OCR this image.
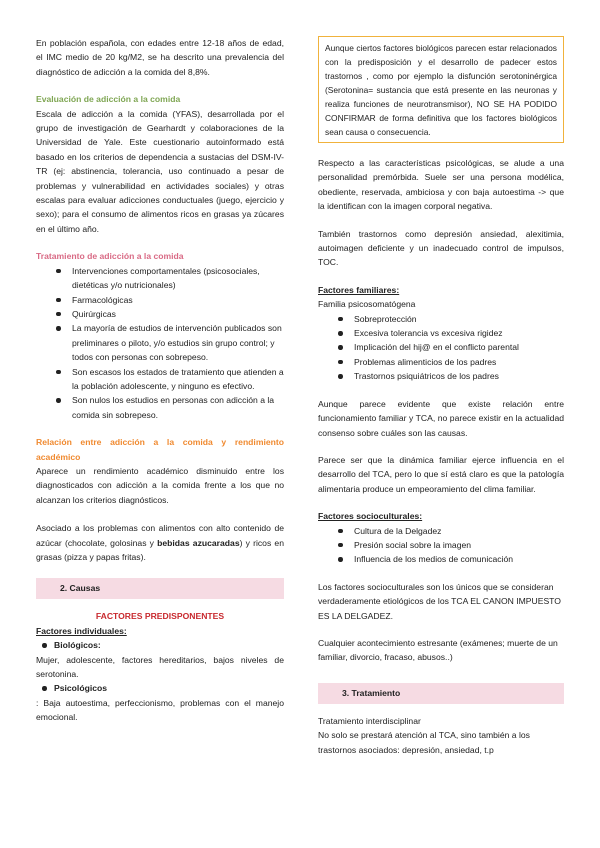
En población española, con edades entre 12-18 años de edad, el IMC medio de 20 kg/M2, se ha descrito una prevalencia del diagnóstico de adicción a la comida del 8,8%.

Evaluación de adicción a la comida

Escala de adicción a la comida (YFAS), desarrollada por el grupo de investigación de Gearhardt y colaboraciones de la Universidad de Yale. Este cuestionario autoinformado está basado en los criterios de dependencia a sustacias del DSM-IV-TR (ej: abstinencia, tolerancia, uso continuado a pesar de problemas y vulnerabilidad en actividades sociales) y otras escalas para evaluar adicciones conductuales (juego, ejercicio y sexo); para el consumo de alimentos ricos en grasas ya zúcares en el último año.

Tratamiento de adicción a la comida

Intervenciones comportamentales (psicosociales, dietéticas y/o nutricionales)
Farmacológicas
Quirúrgicas
La mayoría de estudios de intervención publicados son preliminares o piloto, y/o estudios sin grupo control; y todos con personas con sobrepeso.
Son escasos los estados de tratamiento que atienden a la población adolescente, y ninguno es efectivo.
Son nulos los estudios en personas con adicción a la comida sin sobrepeso.

Relación entre adicción a la comida y rendimiento académico

Aparece un rendimiento académico disminuido entre los diagnosticados con adicción a la comida frente a los que no alcanzan los criterios diagnósticos.

Asociado a los problemas con alimentos con alto contenido de azúcar (chocolate, golosinas y bebidas azucaradas) y ricos en grasas (pizza y papas fritas).

2. Causas

FACTORES PREDISPONENTES

Factores individuales:

Biológicos:

Mujer, adolescente, factores hereditarios, bajos niveles de serotonina.

Psicológicos

: Baja autoestima, perfeccionismo, problemas con el manejo emocional.

Aunque ciertos factores biológicos parecen estar relacionados con la predisposición y el desarrollo de padecer estos trastornos , como por ejemplo la disfunción serotoninérgica (Serotonina= sustancia que está presente en las neuronas y realiza funciones de neurotransmisor), NO SE HA PODIDO CONFIRMAR de forma definitiva que los factores biológicos sean causa o consecuencia.

Respecto a las características psicológicas, se alude a una personalidad premórbida. Suele ser una persona modélica, obediente, reservada, ambiciosa y con baja autoestima -> que la identifican con la imagen corporal negativa.

También trastornos como depresión ansiedad, alexitimia, autoimagen deficiente y un inadecuado control de impulsos, TOC.

Factores familiares:

Familia psicosomatógena

Sobreprotección
Excesiva tolerancia vs excesiva rigidez
Implicación del hij@ en el conflicto parental
Problemas alimenticios de los padres
Trastornos psiquiátricos de los padres

Aunque parece evidente que existe relación entre funcionamiento familiar y TCA, no parece existir en la actualidad consenso sobre cuáles son las causas.

Parece ser que la dinámica familiar ejerce influencia en el desarrollo del TCA, pero lo que sí está claro es que la patología alimentaria produce un empeoramiento del clima familiar.

Factores socioculturales:

Cultura de la Delgadez
Presión social sobre la imagen
Influencia de los medios de comunicación

Los factores socioculturales son los únicos que se consideran verdaderamente etiológicos de los TCA EL CANON IMPUESTO ES LA DELGADEZ.

Cualquier acontecimiento estresante (exámenes; muerte de un familiar, divorcio, fracaso, abusos..)

3. Tratamiento

Tratamiento interdisciplinar

No solo se prestará atención al TCA, sino también a los trastornos asociados: depresión, ansiedad, t.p
